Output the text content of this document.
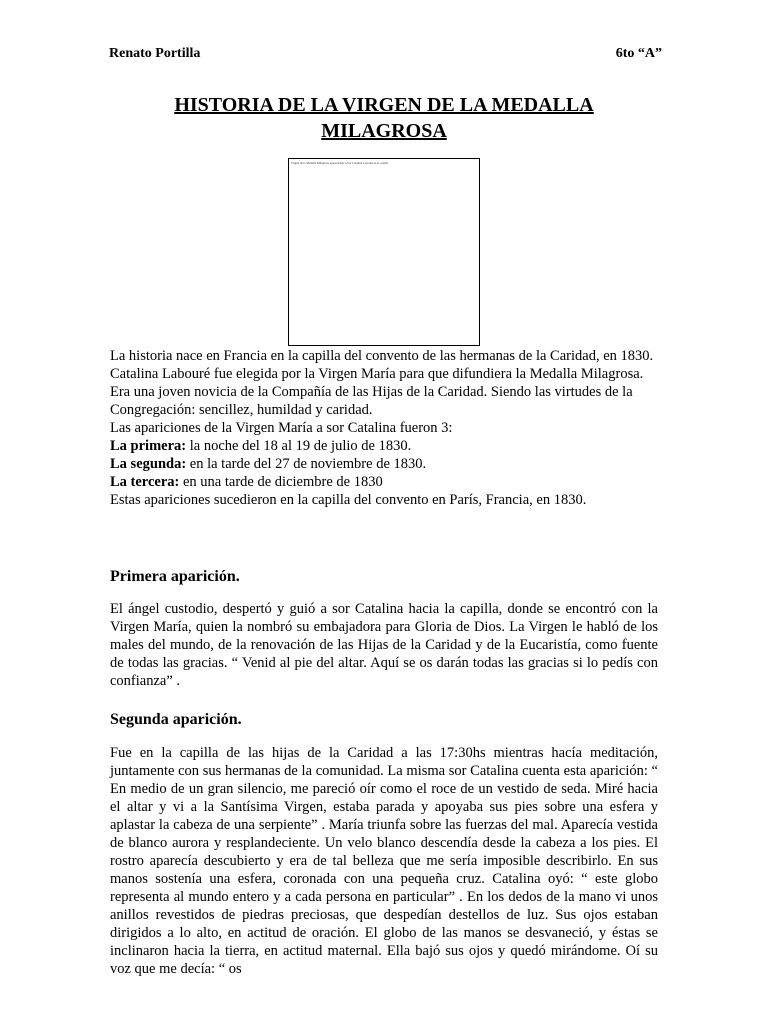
Renato Portilla	6to “A”
HISTORIA DE LA VIRGEN DE LA MEDALLA MILAGROSA
Virgen de la Medalla Milagrosa apareciendo a Sor Catalina Labouré en la capilla

La historia nace en Francia en la capilla del convento de las hermanas de la Caridad, en 1830.

Catalina Labouré fue elegida por la Virgen María para que difundiera la Medalla Milagrosa.

Era una joven novicia de la Compañía de las Hijas de la Caridad. Siendo las virtudes de la Congregación: sencillez, humildad y caridad.

Las apariciones de la Virgen María a sor Catalina fueron 3:

La primera: la noche del 18 al 19 de julio de 1830.

La segunda: en la tarde del 27 de noviembre de 1830.

La tercera: en una tarde de diciembre de 1830

Estas apariciones sucedieron en la capilla del convento en París, Francia, en 1830.

Primera aparición.

El ángel custodio, despertó y guió a sor Catalina hacia la capilla, donde se encontró con la Virgen María, quien la nombró su embajadora para Gloria de Dios. La Virgen le habló de los males del mundo, de la renovación de las Hijas de la Caridad y de la Eucaristía, como fuente de todas las gracias. “ Venid al pie del altar. Aquí se os darán todas las gracias si lo pedís con confianza” .

Segunda aparición.

Fue en la capilla de las hijas de la Caridad a las 17:30hs mientras hacía meditación, juntamente con sus hermanas de la comunidad. La misma sor Catalina cuenta esta aparición: “ En medio de un gran silencio, me pareció oír como el roce de un vestido de seda. Miré hacia el altar y vi a la Santísima Virgen, estaba parada y apoyaba sus pies sobre una esfera y aplastar la cabeza de una serpiente” . María triunfa sobre las fuerzas del mal. Aparecía vestida de blanco aurora y resplandeciente. Un velo blanco descendía desde la cabeza a los pies. El rostro aparecía descubierto y era de tal belleza que me sería imposible describirlo. En sus manos sostenía una esfera, coronada con una pequeña cruz. Catalina oyó: “ este globo representa al mundo entero y a cada persona en particular” . En los dedos de la mano vi unos anillos revestidos de piedras preciosas, que despedían destellos de luz. Sus ojos estaban dirigidos a lo alto, en actitud de oración. El globo de las manos se desvaneció, y éstas se inclinaron hacia la tierra, en actitud maternal. Ella bajó sus ojos y quedó mirándome. Oí su voz que me decía: “ os
